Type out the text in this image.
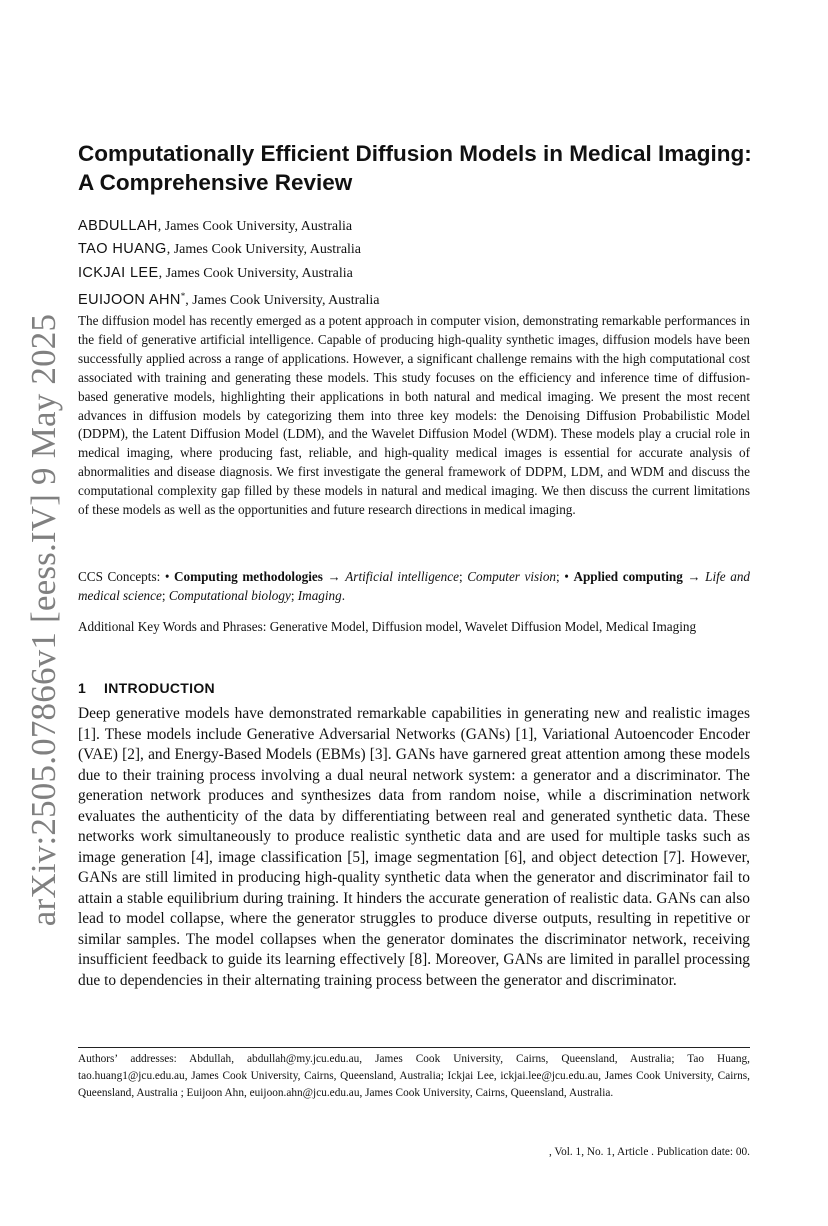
arXiv:2505.07866v1 [eess.IV] 9 May 2025
Computationally Efficient Diffusion Models in Medical Imaging: A Comprehensive Review
ABDULLAH, James Cook University, Australia
TAO HUANG, James Cook University, Australia
ICKJAI LEE, James Cook University, Australia
EUIJOON AHN*, James Cook University, Australia

The diffusion model has recently emerged as a potent approach in computer vision, demonstrating remarkable performances in the field of generative artificial intelligence. Capable of producing high-quality synthetic images, diffusion models have been successfully applied across a range of applications. However, a significant challenge remains with the high computational cost associated with training and generating these models. This study focuses on the efficiency and inference time of diffusion-based generative models, highlighting their applications in both natural and medical imaging. We present the most recent advances in diffusion models by categorizing them into three key models: the Denoising Diffusion Probabilistic Model (DDPM), the Latent Diffusion Model (LDM), and the Wavelet Diffusion Model (WDM). These models play a crucial role in medical imaging, where producing fast, reliable, and high-quality medical images is essential for accurate analysis of abnormalities and disease diagnosis. We first investigate the general framework of DDPM, LDM, and WDM and discuss the computational complexity gap filled by these models in natural and medical imaging. We then discuss the current limitations of these models as well as the opportunities and future research directions in medical imaging.

CCS Concepts: • Computing methodologies → Artificial intelligence; Computer vision; • Applied computing → Life and medical science; Computational biology; Imaging.

Additional Key Words and Phrases: Generative Model, Diffusion model, Wavelet Diffusion Model, Medical Imaging

1 INTRODUCTION

Deep generative models have demonstrated remarkable capabilities in generating new and realistic images [1]. These models include Generative Adversarial Networks (GANs) [1], Variational Autoencoder Encoder (VAE) [2], and Energy-Based Models (EBMs) [3]. GANs have garnered great attention among these models due to their training process involving a dual neural network system: a generator and a discriminator. The generation network produces and synthesizes data from random noise, while a discrimination network evaluates the authenticity of the data by differentiating between real and generated synthetic data. These networks work simultaneously to produce realistic synthetic data and are used for multiple tasks such as image generation [4], image classification [5], image segmentation [6], and object detection [7]. However, GANs are still limited in producing high-quality synthetic data when the generator and discriminator fail to attain a stable equilibrium during training. It hinders the accurate generation of realistic data. GANs can also lead to model collapse, where the generator struggles to produce diverse outputs, resulting in repetitive or similar samples. The model collapses when the generator dominates the discriminator network, receiving insufficient feedback to guide its learning effectively [8]. Moreover, GANs are limited in parallel processing due to dependencies in their alternating training process between the generator and discriminator.

Authors’ addresses: Abdullah, abdullah@my.jcu.edu.au, James Cook University, Cairns, Queensland, Australia; Tao Huang, tao.huang1@jcu.edu.au, James Cook University, Cairns, Queensland, Australia; Ickjai Lee, ickjai.lee@jcu.edu.au, James Cook University, Cairns, Queensland, Australia ; Euijoon Ahn, euijoon.ahn@jcu.edu.au, James Cook University, Cairns, Queensland, Australia.

, Vol. 1, No. 1, Article . Publication date: 00.
